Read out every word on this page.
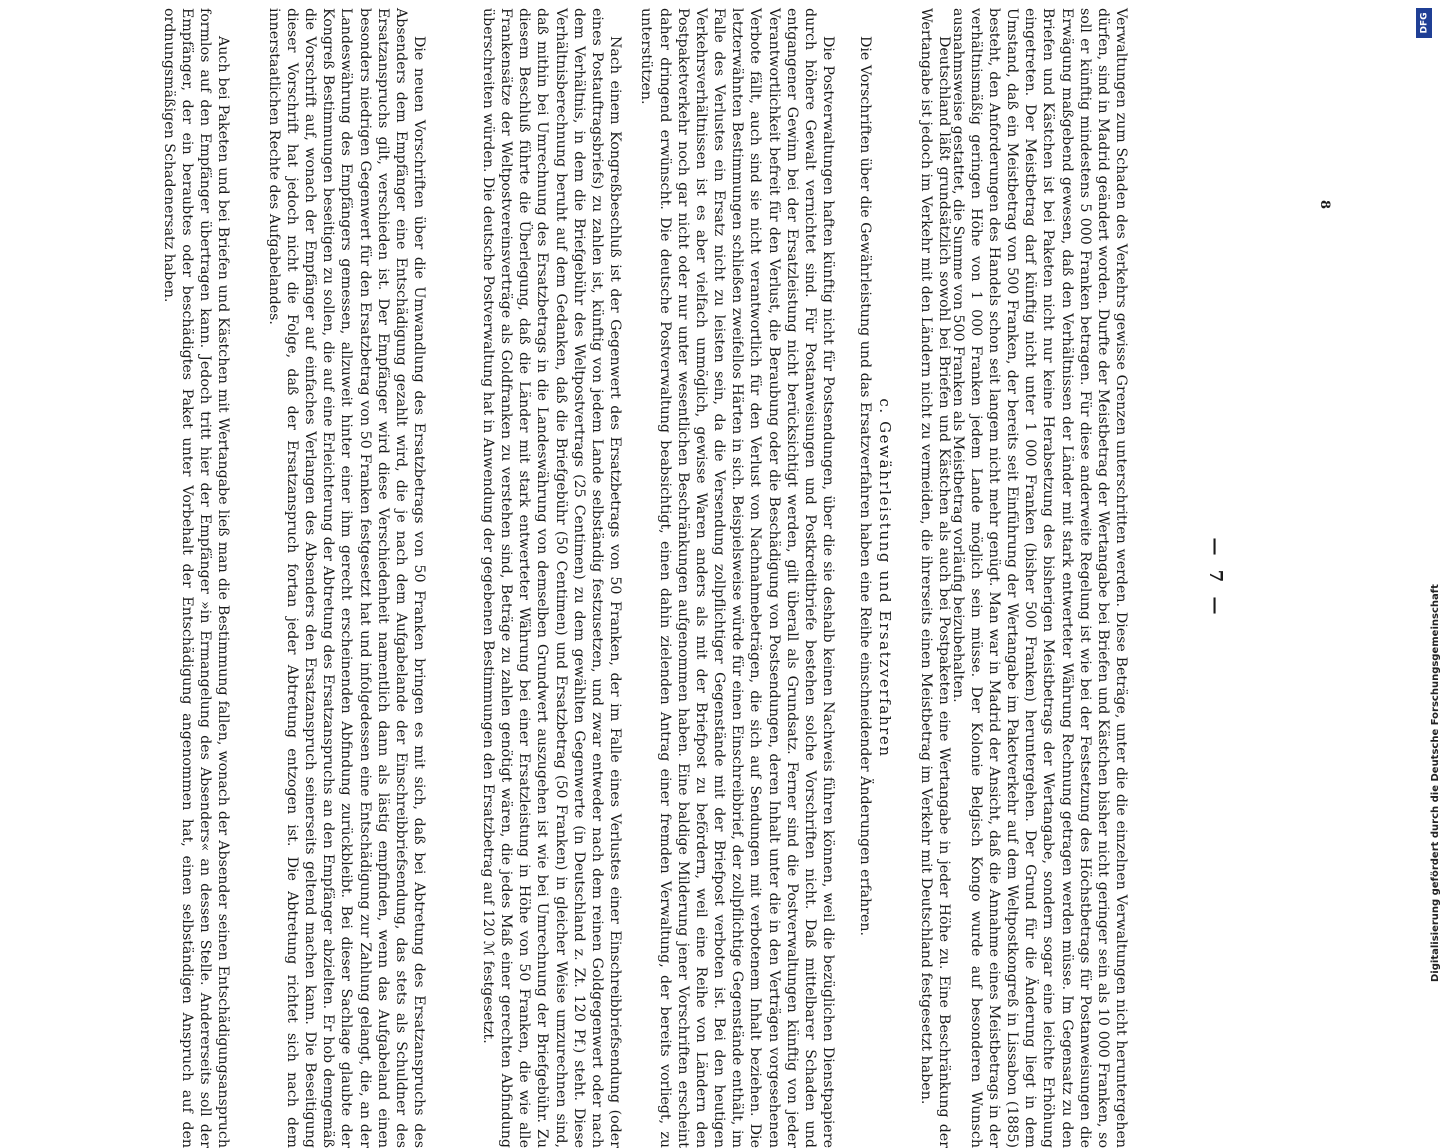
— 7 —

Verwaltungen zum Schaden des Verkehrs gewisse Grenzen unterschritten werden. Diese Beträge, unter die die einzelnen Verwaltungen nicht heruntergehen dürfen, sind in Madrid geändert worden. Durfte der Meistbetrag der Wertangabe bei Briefen und Kästchen bisher nicht geringer sein als 10 000 Franken, so soll er künftig mindestens 5 000 Franken betragen. Für diese anderweite Regelung ist wie bei der Festsetzung des Höchstbetrags für Postanweisungen die Erwägung maßgebend gewesen, daß den Verhältnissen der Länder mit stark entwerteter Währung Rechnung getragen werden müsse. Im Gegensatz zu den Briefen und Kästchen ist bei Paketen nicht nur keine Herabsetzung des bisherigen Meistbetrags der Wertangabe, sondern sogar eine leichte Erhöhung eingetreten. Der Meistbetrag darf künftig nicht unter 1 000 Franken (bisher 500 Franken) heruntergehen. Der Grund für die Änderung liegt in dem Umstand, daß ein Meistbetrag von 500 Franken, der bereits seit Einführung der Wertangabe im Paketverkehr auf dem Weltpostkongreß in Lissabon (1885) besteht, den Anforderungen des Handels schon seit langem nicht mehr genügt. Man war in Madrid der Ansicht, daß die Annahme eines Meistbetrags in der verhältnismäßig geringen Höhe von 1 000 Franken jedem Lande möglich sein müsse. Der Kolonie Belgisch Kongo wurde auf besonderen Wunsch ausnahmsweise gestattet, die Summe von 500 Franken als Meistbetrag vorläufig beizubehalten.

Deutschland läßt grundsätzlich sowohl bei Briefen und Kästchen als auch bei Postpaketen eine Wertangabe in jeder Höhe zu. Eine Beschränkung der Wertangabe ist jedoch im Verkehr mit den Ländern nicht zu vermeiden, die ihrerseits einen Meistbetrag im Verkehr mit Deutschland festgesetzt haben.

c. Gewährleistung und Ersatzverfahren

Die Vorschriften über die Gewährleistung und das Ersatzverfahren haben eine Reihe einschneidender Änderungen erfahren.

Die Postverwaltungen haften künftig nicht für Postsendungen, über die sie deshalb keinen Nachweis führen können, weil die bezüglichen Dienstpapiere durch höhere Gewalt vernichtet sind. Für Postanweisungen und Postkreditbriefe bestehen solche Vorschriften nicht. Daß mittelbarer Schaden und entgangener Gewinn bei der Ersatzleistung nicht berücksichtigt werden, gilt überall als Grundsatz. Ferner sind die Postverwaltungen künftig von jeder Verantwortlichkeit befreit für den Verlust, die Beraubung oder die Beschädigung von Postsendungen, deren Inhalt unter die in den Verträgen vorgesehenen Verbote fällt, auch sind sie nicht verantwortlich für den Verlust von Nachnahmebeträgen, die sich auf Sendungen mit verbotenem Inhalt beziehen. Die letzterwähnten Bestimmungen schließen zweifellos Härten in sich. Beispielsweise würde für einen Einschreibbrief, der zollpflichtige Gegenstände enthält, im Falle des Verlustes ein Ersatz nicht zu leisten sein, da die Versendung zollpflichtiger Gegenstände mit der Briefpost verboten ist. Bei den heutigen Verkehrsverhältnissen ist es aber vielfach unmöglich, gewisse Waren anders als mit der Briefpost zu befördern, weil eine Reihe von Ländern den Postpaketverkehr noch gar nicht oder nur unter wesentlichen Beschränkungen aufgenommen haben. Eine baldige Milderung jener Vorschriften erscheint daher dringend erwünscht. Die deutsche Postverwaltung beabsichtigt, einen dahin zielenden Antrag einer fremden Verwaltung, der bereits vorliegt, zu unterstützen.

Nach einem Kongreßbeschluß ist der Gegenwert des Ersatzbetrags von 50 Franken, der im Falle eines Verlustes einer Einschreibbriefsendung (oder eines Postauftragsbriefs) zu zahlen ist, künftig von jedem Lande selbständig festzusetzen, und zwar entweder nach dem reinen Goldgegenwert oder nach dem Verhältnis, in dem die Briefgebühr des Weltpostvertrags (25 Centimen) zu dem gewählten Gegenwerte (in Deutschland z. Zt. 120 Pf.) steht. Diese Verhältnisberechnung beruht auf dem Gedanken, daß die Briefgebühr (50 Centimen) und Ersatzbetrag (50 Franken) in gleicher Weise umzurechnen sind, daß mithin bei Umrechnung des Ersatzbetrags in die Landeswährung von demselben Grundwert auszugehen ist wie bei Umrechnung der Briefgebühr. Zu diesem Beschluß führte die Überlegung, daß die Länder mit stark entwerteter Währung bei einer Ersatzleistung in Höhe von 50 Franken, die wie alle Frankensätze der Weltpostvereinsverträge als Goldfranken zu verstehen sind, Beträge zu zahlen genötigt wären, die jedes Maß einer gerechten Abfindung überschreiten würden. Die deutsche Postverwaltung hat in Anwendung der gegebenen Bestimmungen den Ersatzbetrag auf 120 ℳ festgesetzt.

Die neuen Vorschriften über die Umwandlung des Ersatzbetrags von 50 Franken bringen es mit sich, daß bei Abtretung des Ersatzanspruchs des Absenders dem Empfänger eine Entschädigung gezahlt wird, die je nach dem Aufgabelande der Einschreibbriefsendung, das stets als Schuldner des Ersatzanspruchs gilt, verschieden ist. Der Empfänger wird diese Verschiedenheit namentlich dann als lästig empfinden, wenn das Aufgabeland einen besonders niedrigen Gegenwert für den Ersatzbetrag von 50 Franken festgesetzt hat und infolgedessen eine Entschädigung zur Zahlung gelangt, die, an der Landeswährung des Empfängers gemessen, allzuweit hinter einer ihm gerecht erscheinenden Abfindung zurückbleibt. Bei dieser Sachlage glaubte der Kongreß Bestimmungen beseitigen zu sollen, die auf eine Erleichterung der Abtretung des Ersatzanspruchs an den Empfänger abzielten. Er hob demgemäß die Vorschrift auf, wonach der Empfänger auf einfaches Verlangen des Absenders den Ersatzanspruch seinerseits geltend machen kann. Die Beseitigung dieser Vorschrift hat jedoch nicht die Folge, daß der Ersatzanspruch fortan jeder Abtretung entzogen ist. Die Abtretung richtet sich nach dem innerstaatlichen Rechte des Aufgabelandes.

Auch bei Paketen und bei Briefen und Kästchen mit Wertangabe ließ man die Bestimmung fallen, wonach der Absender seinen Entschädigungsanspruch formlos auf den Empfänger übertragen kann. Jedoch tritt hier der Empfänger »in Ermangelung des Absenders« an dessen Stelle. Andererseits soll der Empfänger, der ein beraubtes oder beschädigtes Paket unter Vorbehalt der Entschädigung angenommen hat, einen selbständigen Anspruch auf den ordnungsmäßigen Schadenersatz haben.	8
DFG
Digitalisierung gefördert durch die Deutsche Forschungsgemeinschaft
